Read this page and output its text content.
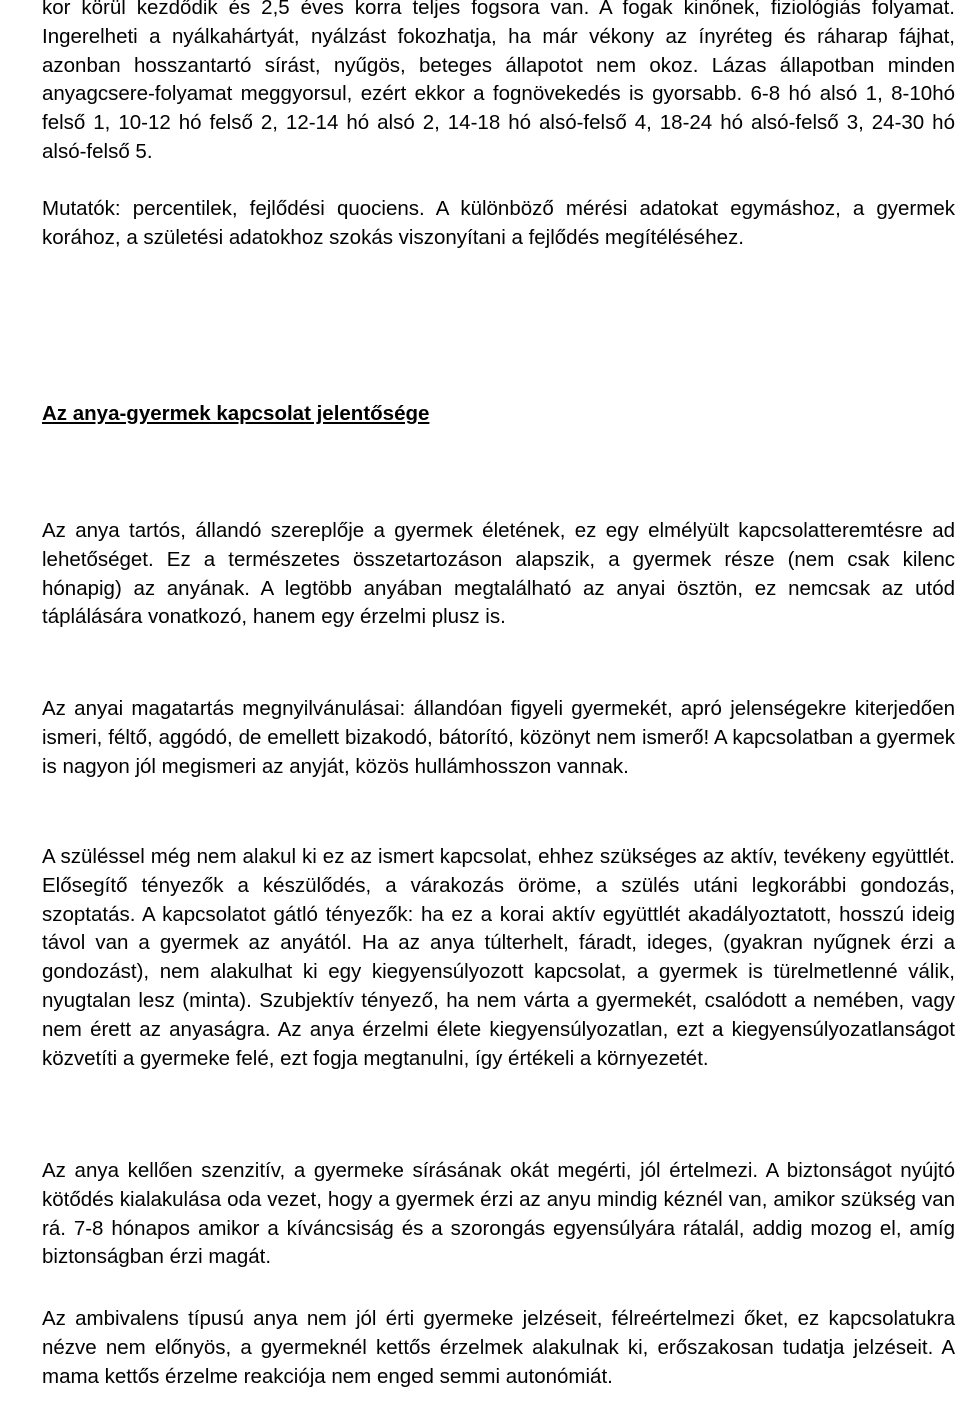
kor körül kezdődik és 2,5 éves korra teljes fogsora van. A fogak kinőnek, fiziológiás folyamat. Ingerelheti a nyálkahártyát, nyálzást fokozhatja, ha már vékony az ínyréteg és ráharap fájhat, azonban hosszantartó sírást, nyűgös, beteges állapotot nem okoz. Lázas állapotban minden anyagcsere-folyamat meggyorsul, ezért ekkor a fognövekedés is gyorsabb. 6-8 hó alsó 1, 8-10hó felső 1, 10-12 hó felső 2, 12-14 hó alsó 2, 14-18 hó alsó-felső 4, 18-24 hó alsó-felső 3, 24-30 hó alsó-felső 5.

Mutatók: percentilek, fejlődési quociens. A különböző mérési adatokat egymáshoz, a gyermek korához, a születési adatokhoz szokás viszonyítani a fejlődés megítéléséhez.

Az anya-gyermek kapcsolat jelentősége

Az anya tartós, állandó szereplője a gyermek életének, ez egy elmélyült kapcsolatteremtésre ad lehetőséget. Ez a természetes összetartozáson alapszik, a gyermek része (nem csak kilenc hónapig) az anyának. A legtöbb anyában megtalálható az anyai ösztön, ez nemcsak az utód táplálására vonatkozó, hanem egy érzelmi plusz is.

Az anyai magatartás megnyilvánulásai: állandóan figyeli gyermekét, apró jelenségekre kiterjedően ismeri, féltő, aggódó, de emellett bizakodó, bátorító, közönyt nem ismerő! A kapcsolatban a gyermek is nagyon jól megismeri az anyját, közös hullámhosszon vannak.

A szüléssel még nem alakul ki ez az ismert kapcsolat, ehhez szükséges az aktív, tevékeny együttlét. Elősegítő tényezők a készülődés, a várakozás öröme, a szülés utáni legkorábbi gondozás, szoptatás. A kapcsolatot gátló tényezők: ha ez a korai aktív együttlét akadályoztatott, hosszú ideig távol van a gyermek az anyától. Ha az anya túlterhelt, fáradt, ideges, (gyakran nyűgnek érzi a gondozást), nem alakulhat ki egy kiegyensúlyozott kapcsolat, a gyermek is türelmetlenné válik, nyugtalan lesz (minta). Szubjektív tényező, ha nem várta a gyermekét, csalódott a nemében, vagy nem érett az anyaságra. Az anya érzelmi élete kiegyensúlyozatlan, ezt a kiegyensúlyozatlanságot közvetíti a gyermeke felé, ezt fogja megtanulni, így értékeli a környezetét.

Az anya kellően szenzitív, a gyermeke sírásának okát megérti, jól értelmezi. A biztonságot nyújtó kötődés kialakulása oda vezet, hogy a gyermek érzi az anyu mindig kéznél van, amikor szükség van rá. 7-8 hónapos amikor a kíváncsiság és a szorongás egyensúlyára rátalál, addig mozog el, amíg biztonságban érzi magát.

Az ambivalens típusú anya nem jól érti gyermeke jelzéseit, félreértelmezi őket, ez kapcsolatukra nézve nem előnyös, a gyermeknél kettős érzelmek alakulnak ki, erőszakosan tudatja jelzéseit. A mama kettős érzelme reakciója nem enged semmi autonómiát.
